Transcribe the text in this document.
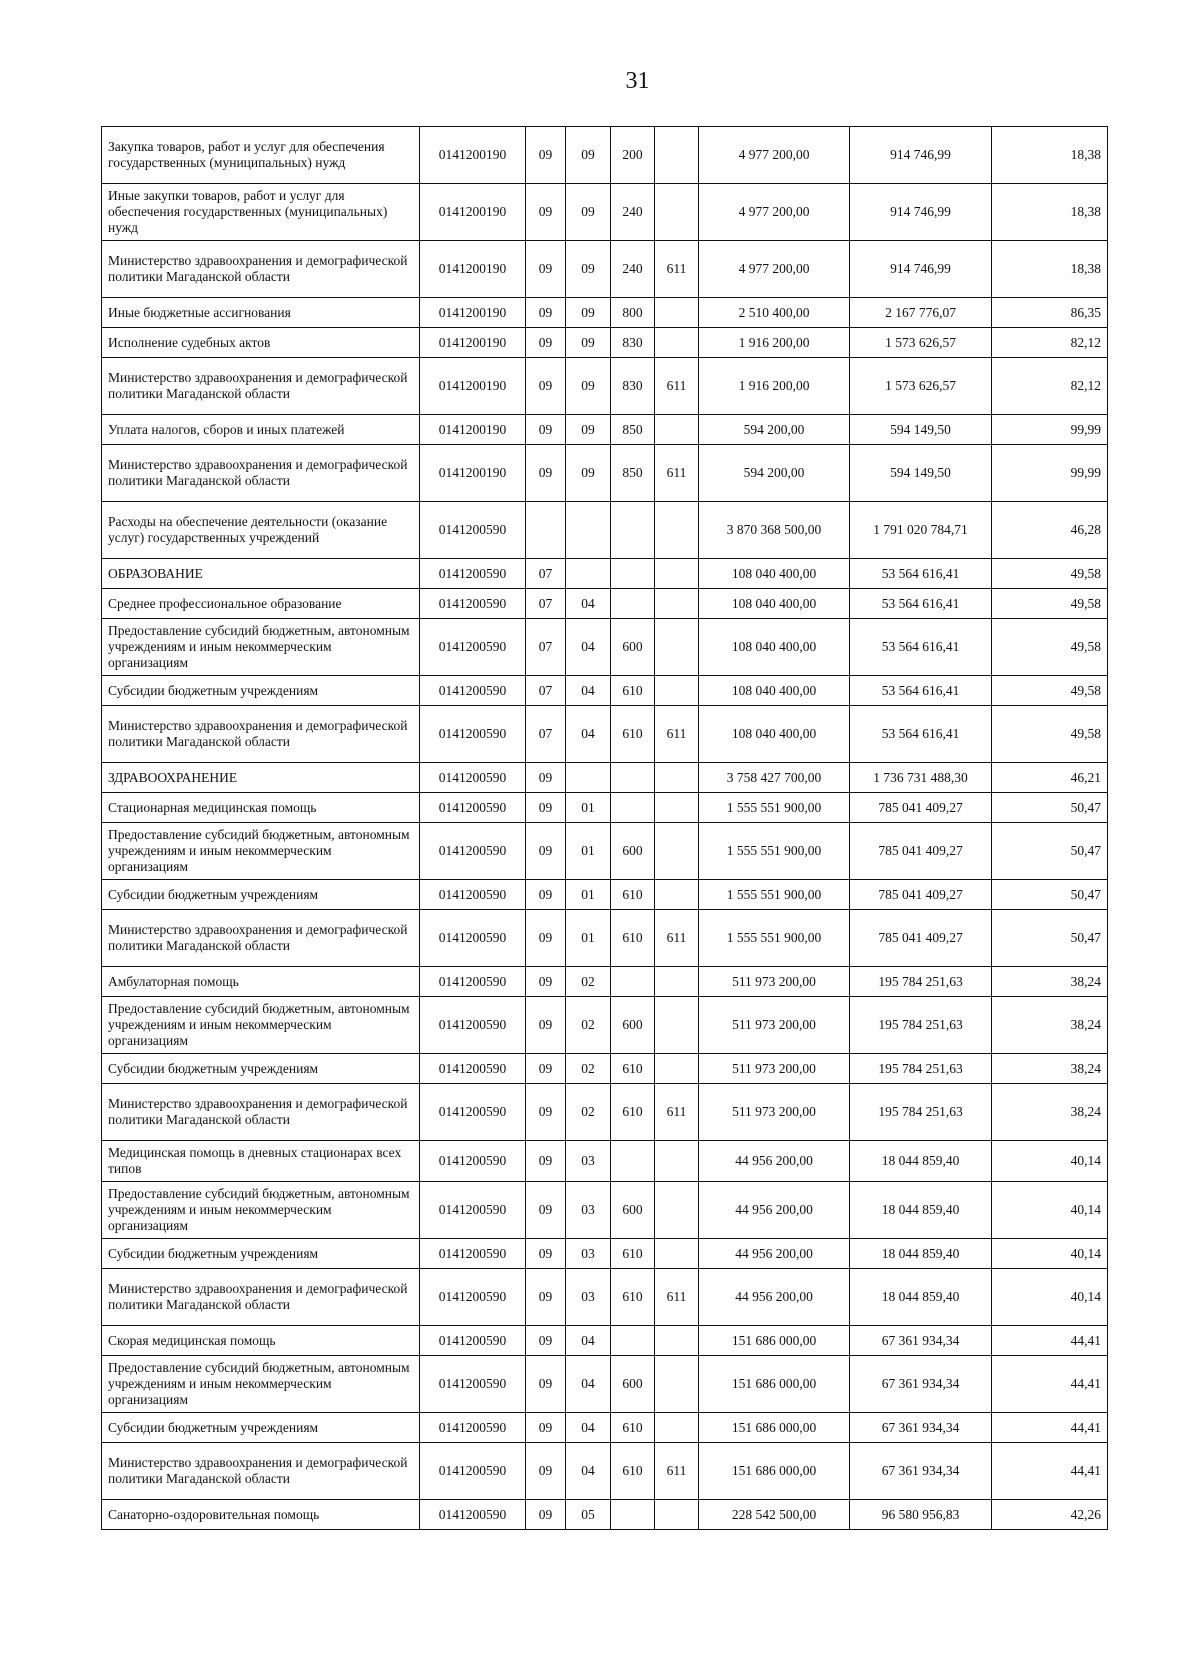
31
Закупка товаров, работ и услуг для обеспечения государственных (муниципальных) нужд	0141200190	09	09	200		4 977 200,00	914 746,99	18,38
Иные закупки товаров, работ и услуг для обеспечения государственных (муниципальных) нужд	0141200190	09	09	240		4 977 200,00	914 746,99	18,38
Министерство здравоохранения и демографической политики Магаданской области	0141200190	09	09	240	611	4 977 200,00	914 746,99	18,38
Иные бюджетные ассигнования	0141200190	09	09	800		2 510 400,00	2 167 776,07	86,35
Исполнение судебных актов	0141200190	09	09	830		1 916 200,00	1 573 626,57	82,12
Министерство здравоохранения и демографической политики Магаданской области	0141200190	09	09	830	611	1 916 200,00	1 573 626,57	82,12
Уплата налогов, сборов и иных платежей	0141200190	09	09	850		594 200,00	594 149,50	99,99
Министерство здравоохранения и демографической политики Магаданской области	0141200190	09	09	850	611	594 200,00	594 149,50	99,99
Расходы на обеспечение деятельности (оказание услуг) государственных учреждений	0141200590					3 870 368 500,00	1 791 020 784,71	46,28
ОБРАЗОВАНИЕ	0141200590	07				108 040 400,00	53 564 616,41	49,58
Среднее профессиональное образование	0141200590	07	04			108 040 400,00	53 564 616,41	49,58
Предоставление субсидий бюджетным, автономным учреждениям и иным некоммерческим организациям	0141200590	07	04	600		108 040 400,00	53 564 616,41	49,58
Субсидии бюджетным учреждениям	0141200590	07	04	610		108 040 400,00	53 564 616,41	49,58
Министерство здравоохранения и демографической политики Магаданской области	0141200590	07	04	610	611	108 040 400,00	53 564 616,41	49,58
ЗДРАВООХРАНЕНИЕ	0141200590	09				3 758 427 700,00	1 736 731 488,30	46,21
Стационарная медицинская помощь	0141200590	09	01			1 555 551 900,00	785 041 409,27	50,47
Предоставление субсидий бюджетным, автономным учреждениям и иным некоммерческим организациям	0141200590	09	01	600		1 555 551 900,00	785 041 409,27	50,47
Субсидии бюджетным учреждениям	0141200590	09	01	610		1 555 551 900,00	785 041 409,27	50,47
Министерство здравоохранения и демографической политики Магаданской области	0141200590	09	01	610	611	1 555 551 900,00	785 041 409,27	50,47
Амбулаторная помощь	0141200590	09	02			511 973 200,00	195 784 251,63	38,24
Предоставление субсидий бюджетным, автономным учреждениям и иным некоммерческим организациям	0141200590	09	02	600		511 973 200,00	195 784 251,63	38,24
Субсидии бюджетным учреждениям	0141200590	09	02	610		511 973 200,00	195 784 251,63	38,24
Министерство здравоохранения и демографической политики Магаданской области	0141200590	09	02	610	611	511 973 200,00	195 784 251,63	38,24
Медицинская помощь в дневных стационарах всех типов	0141200590	09	03			44 956 200,00	18 044 859,40	40,14
Предоставление субсидий бюджетным, автономным учреждениям и иным некоммерческим организациям	0141200590	09	03	600		44 956 200,00	18 044 859,40	40,14
Субсидии бюджетным учреждениям	0141200590	09	03	610		44 956 200,00	18 044 859,40	40,14
Министерство здравоохранения и демографической политики Магаданской области	0141200590	09	03	610	611	44 956 200,00	18 044 859,40	40,14
Скорая медицинская помощь	0141200590	09	04			151 686 000,00	67 361 934,34	44,41
Предоставление субсидий бюджетным, автономным учреждениям и иным некоммерческим организациям	0141200590	09	04	600		151 686 000,00	67 361 934,34	44,41
Субсидии бюджетным учреждениям	0141200590	09	04	610		151 686 000,00	67 361 934,34	44,41
Министерство здравоохранения и демографической политики Магаданской области	0141200590	09	04	610	611	151 686 000,00	67 361 934,34	44,41
Санаторно-оздоровительная помощь	0141200590	09	05			228 542 500,00	96 580 956,83	42,26
